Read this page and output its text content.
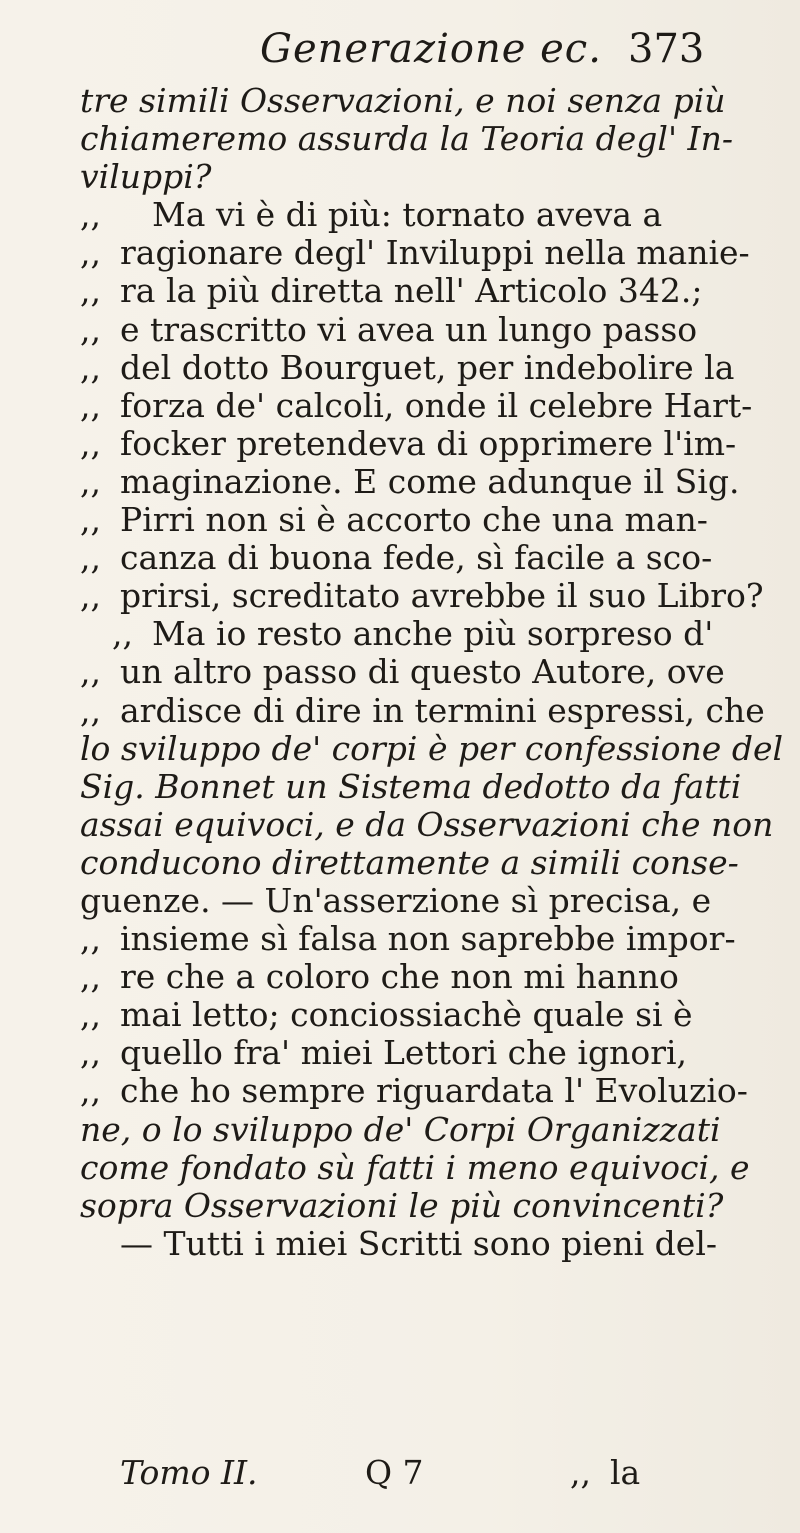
Generazione ec. 373
tre simili Osservazioni, e noi senza più
chiameremo assurda la Teoria degl' In-
viluppi?
,,	Ma vi è di più: tornato aveva a
,, ragionare degl' Inviluppi nella manie-
,, ra la più diretta nell' Articolo 342.;
,, e trascritto vi avea un lungo passo
,, del dotto Bourguet, per indebolire la
,, forza de' calcoli, onde il celebre Hart-
,, focker pretendeva di opprimere l'im-
,, maginazione. E come adunque il Sig.
,, Pirri non si è accorto che una man-
,, canza di buona fede, sì facile a sco-
,, prirsi, screditato avrebbe il suo Libro?
,, Ma io resto anche più sorpreso d'
,, un altro passo di questo Autore, ove
,, ardisce di dire in termini espressi, che
lo sviluppo de' corpi è per confessione del
Sig. Bonnet un Sistema dedotto da fatti
assai equivoci, e da Osservazioni che non
conducono direttamente a simili conse-
guenze. — Un'asserzione sì precisa, e
,, insieme sì falsa non saprebbe impor-
,, re che a coloro che non mi hanno
,, mai letto; conciossiachè quale si è
,, quello fra' miei Lettori che ignori,
,, che ho sempre riguardata l' Evoluzio-
ne, o lo sviluppo de' Corpi Organizzati
come fondato sù fatti i meno equivoci, e
sopra Osservazioni le più convincenti?
— Tutti i miei Scritti sono pieni del-
Tomo II.	Q 7	,, la
